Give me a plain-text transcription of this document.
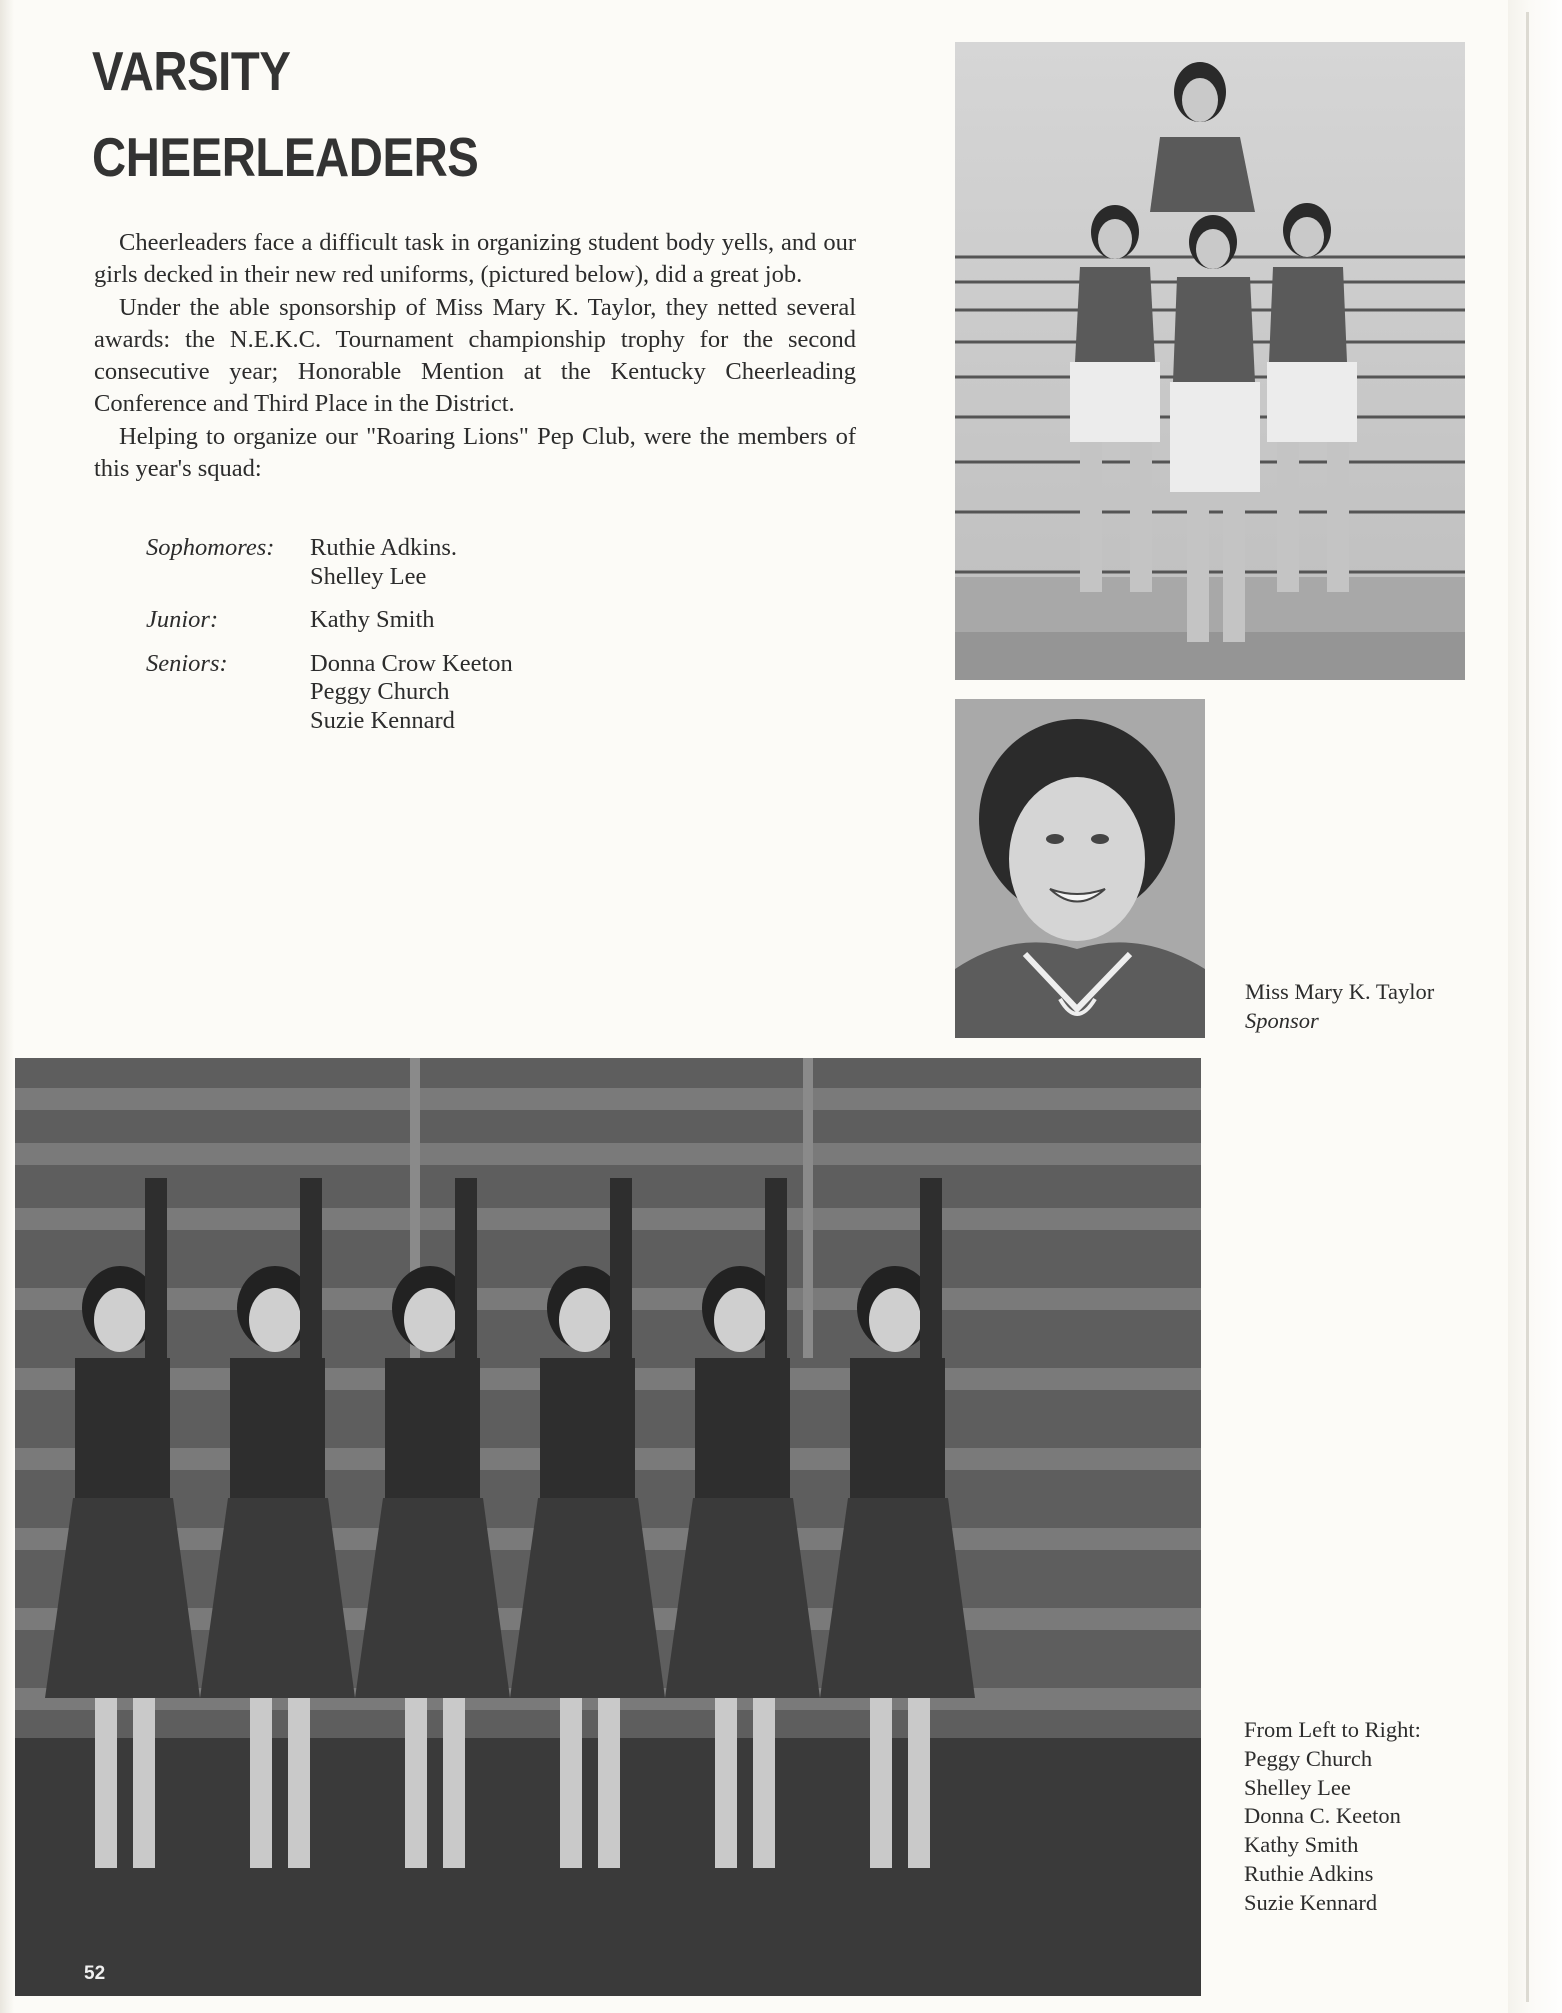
VARSITY
CHEERLEADERS

Cheerleaders face a difficult task in organizing student body yells, and our girls decked in their new red uniforms, (pictured below), did a great job.

Under the able sponsorship of Miss Mary K. Taylor, they netted several awards: the N.E.K.C. Tournament championship trophy for the second consecutive year; Honorable Mention at the Kentucky Cheerleading Conference and Third Place in the District.

Helping to organize our "Roaring Lions" Pep Club, were the members of this year's squad:

Sophomores:	Ruthie Adkins.
Shelley Lee
Junior:	Kathy Smith
Seniors:	Donna Crow Keeton
Peggy Church
Suzie Kennard
Miss Mary K. Taylor
Sponsor
52
From Left to Right:
Peggy Church
Shelley Lee
Donna C. Keeton
Kathy Smith
Ruthie Adkins
Suzie Kennard
